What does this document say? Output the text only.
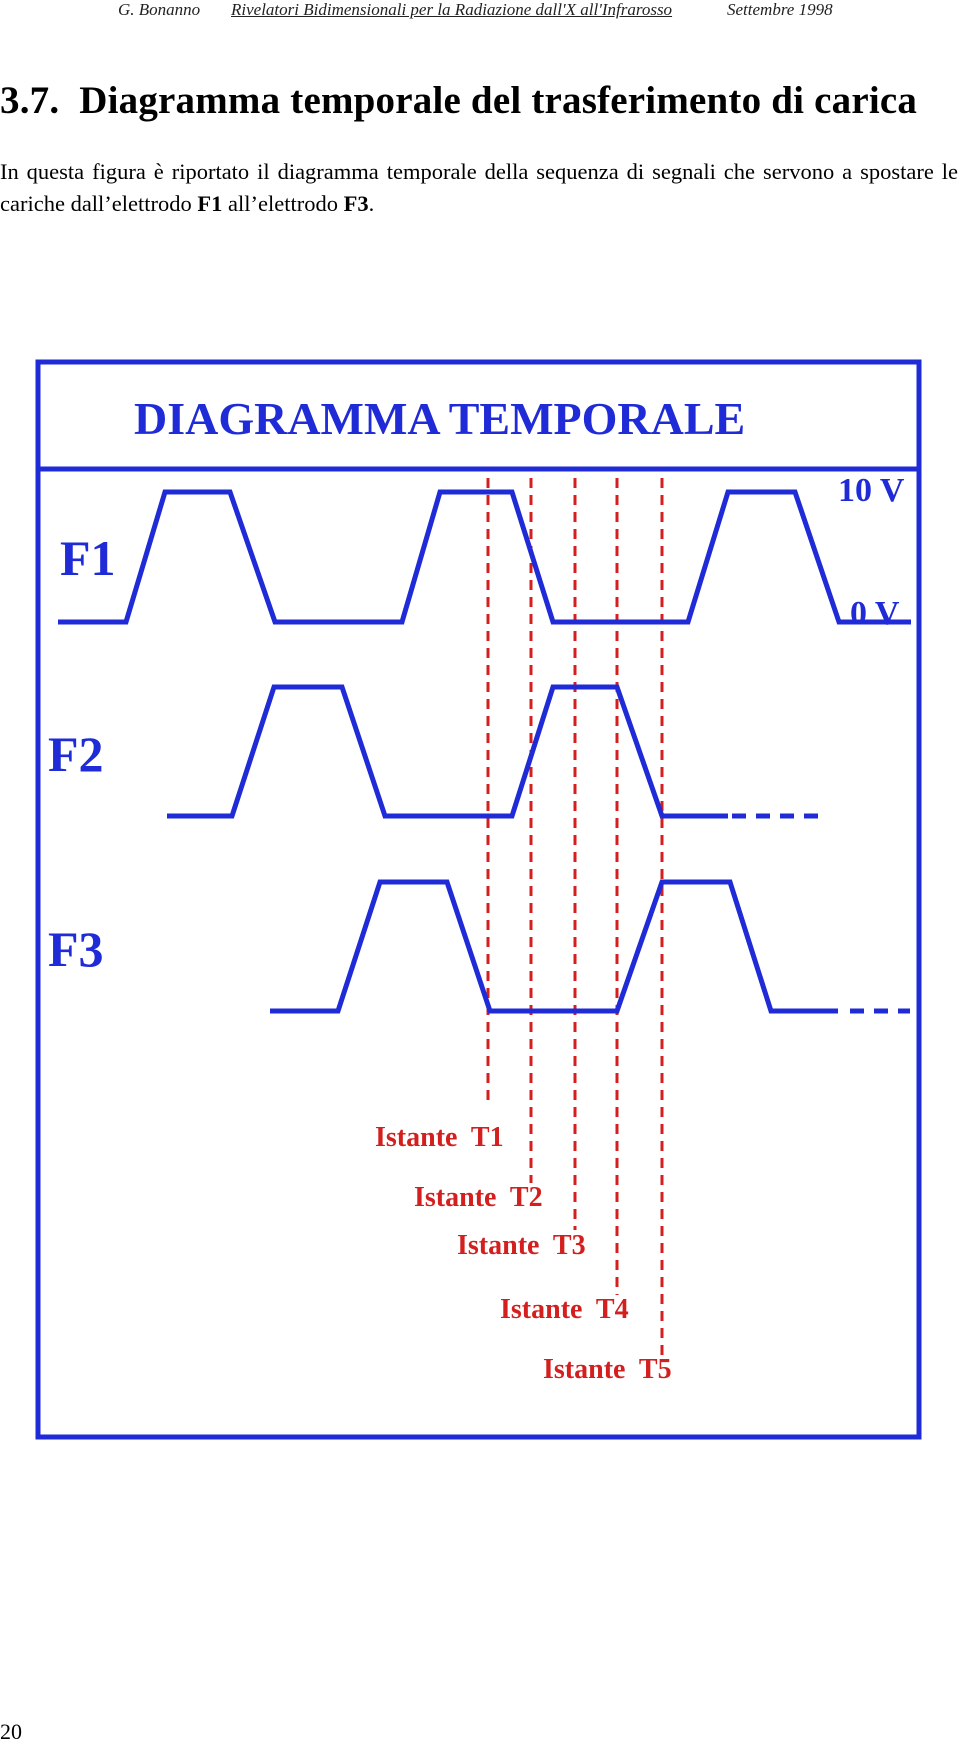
G. Bonanno Rivelatori Bidimensionali per la Radiazione dall'X all'Infrarosso	Settembre 1998
3.7. Diagramma temporale del trasferimento di carica

In questa figura è riportato il diagramma temporale della sequenza di segnali che servono a spostare le cariche dall’elettrodo F1 all’elettrodo F3.

DIAGRAMMA TEMPORALE
10 V
0 V
F1
F2
F3
Istante  T1
Istante  T2
Istante  T3
Istante  T4
Istante  T5
20
